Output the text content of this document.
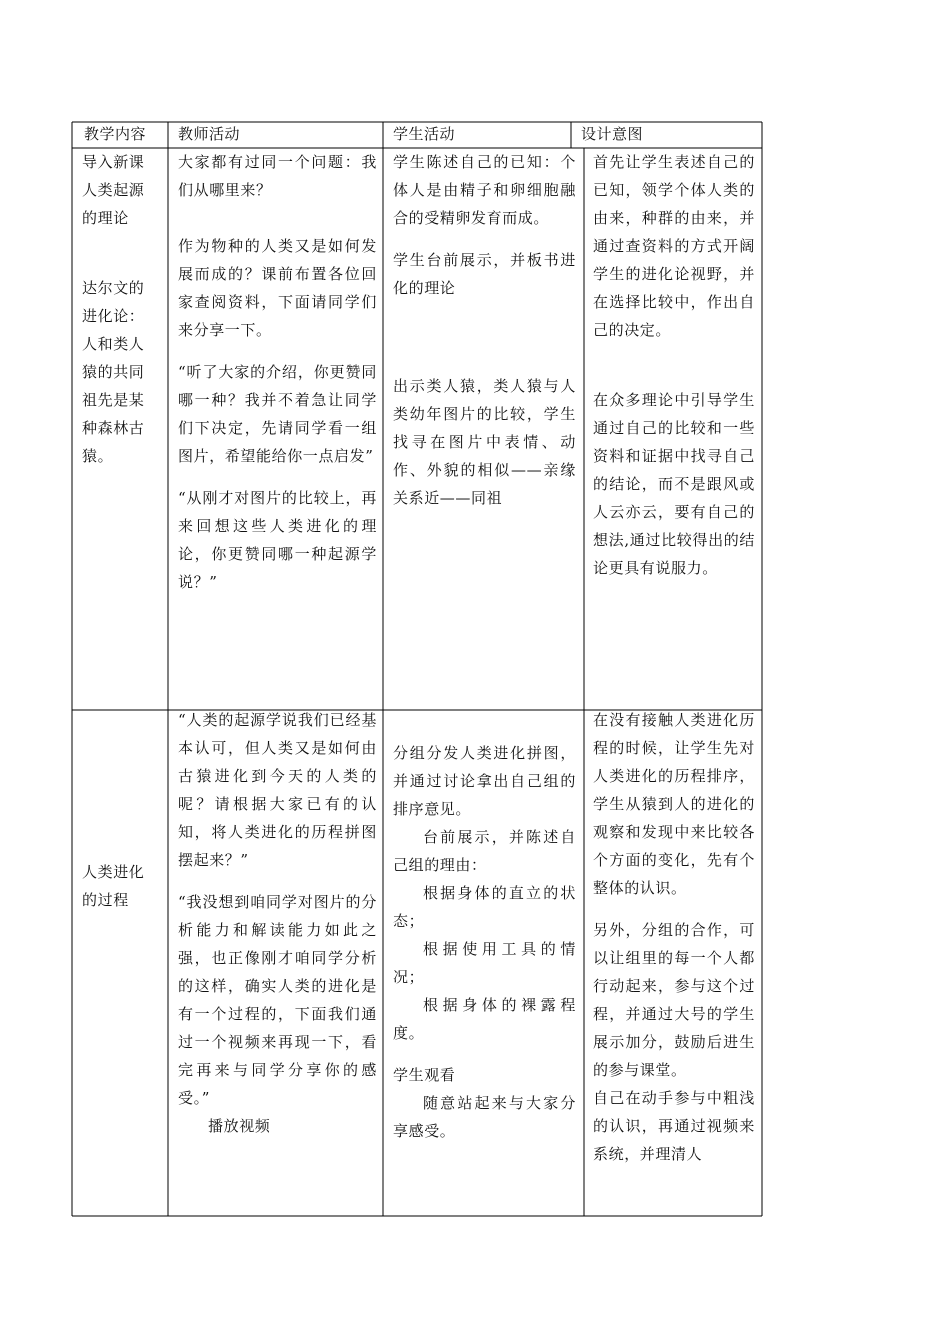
教学内容 教师活动	学生活动	设计意图

导入新课

人类起源

的理论

达尔文的

进化论：

人和类人

猿的共同

祖先是某

种森林古

猿。

大家都有过同一个问题：我们从哪里来？

作为物种的人类又是如何发展而成的？课前布置各位回家查阅资料，下面请同学们来分享一下。

“听了大家的介绍，你更赞同哪一种？我并不着急让同学们下决定，先请同学看一组图片，希望能给你一点启发”

“从刚才对图片的比较上，再来回想这些人类进化的理论，你更赞同哪一种起源学说？”

学生陈述自己的已知：个体人是由精子和卵细胞融合的受精卵发育而成。

学生台前展示，并板书进化的理论

出示类人猿，类人猿与人类幼年图片的比较，学生找寻在图片中表情、动作、外貌的相似——亲缘关系近——同祖

首先让学生表述自己的已知，领学个体人类的由来，种群的由来，并通过查资料的方式开阔学生的进化论视野，并在选择比较中，作出自己的决定。

在众多理论中引导学生通过自己的比较和一些资料和证据中找寻自己的结论，而不是跟风或人云亦云，要有自己的想法,通过比较得出的结论更具有说服力。

人类进化

的过程

“人类的起源学说我们已经基本认可，但人类又是如何由古猿进化到今天的人类的呢？请根据大家已有的认知，将人类进化的历程拼图摆起来？”

“我没想到咱同学对图片的分析能力和解读能力如此之强，也正像刚才咱同学分析的这样，确实人类的进化是有一个过程的，下面我们通过一个视频来再现一下，看完再来与同学分享你的感受。”

播放视频

分组分发人类进化拼图，并通过讨论拿出自己组的排序意见。

台前展示，并陈述自己组的理由：

根据身体的直立的状态；

根据使用工具的情况；

根据身体的裸露程度。

学生观看

随意站起来与大家分享感受。

在没有接触人类进化历程的时候，让学生先对人类进化的历程排序，学生从猿到人的进化的观察和发现中来比较各个方面的变化，先有个整体的认识。

另外，分组的合作，可以让组里的每一个人都行动起来，参与这个过程，并通过大号的学生展示加分，鼓励后进生的参与课堂。

自己在动手参与中粗浅的认识，再通过视频来系统，并理清人
